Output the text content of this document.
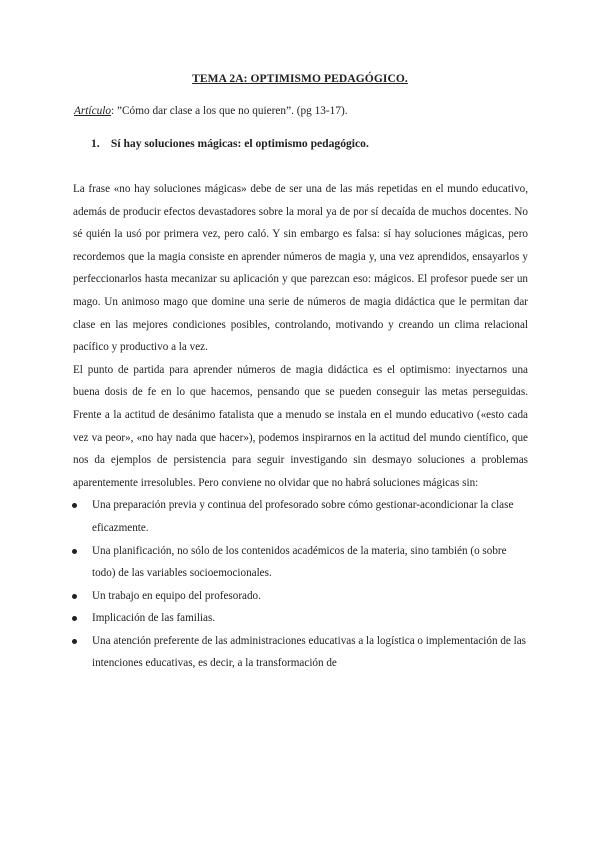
TEMA 2A: OPTIMISMO PEDAGÓGICO.
Artículo: ”Cómo dar clase a los que no quieren”. (pg 13-17).
1. Sí hay soluciones mágicas: el optimismo pedagógico.

La frase «no hay soluciones mágicas» debe de ser una de las más repetidas en el mundo educativo, además de producir efectos devastadores sobre la moral ya de por sí decaída de muchos docentes. No sé quién la usó por primera vez, pero caló. Y sin embargo es falsa: sí hay soluciones mágicas, pero recordemos que la magia consiste en aprender números de magia y, una vez aprendidos, ensayarlos y perfeccionarlos hasta mecanizar su aplicación y que parezcan eso: mágicos. El profesor puede ser un mago. Un animoso mago que domine una serie de números de magia didáctica que le permitan dar clase en las mejores condiciones posibles, controlando, motivando y creando un clima relacional pacífico y productivo a la vez.

El punto de partida para aprender números de magia didáctica es el optimismo: inyectarnos una buena dosis de fe en lo que hacemos, pensando que se pueden conseguir las metas perseguidas. Frente a la actitud de desánimo fatalista que a menudo se instala en el mundo educativo («esto cada vez va peor», «no hay nada que hacer»), podemos inspirarnos en la actitud del mundo científico, que nos da ejemplos de persistencia para seguir investigando sin desmayo soluciones a problemas aparentemente irresolubles. Pero conviene no olvidar que no habrá soluciones mágicas sin:

Una preparación previa y continua del profesorado sobre cómo gestionar-acondicionar la clase eficazmente.
Una planificación, no sólo de los contenidos académicos de la materia, sino también (o sobre todo) de las variables socioemocionales.
Un trabajo en equipo del profesorado.
Implicación de las familias.
Una atención preferente de las administraciones educativas a la logística o implementación de las intenciones educativas, es decir, a la transformación de
